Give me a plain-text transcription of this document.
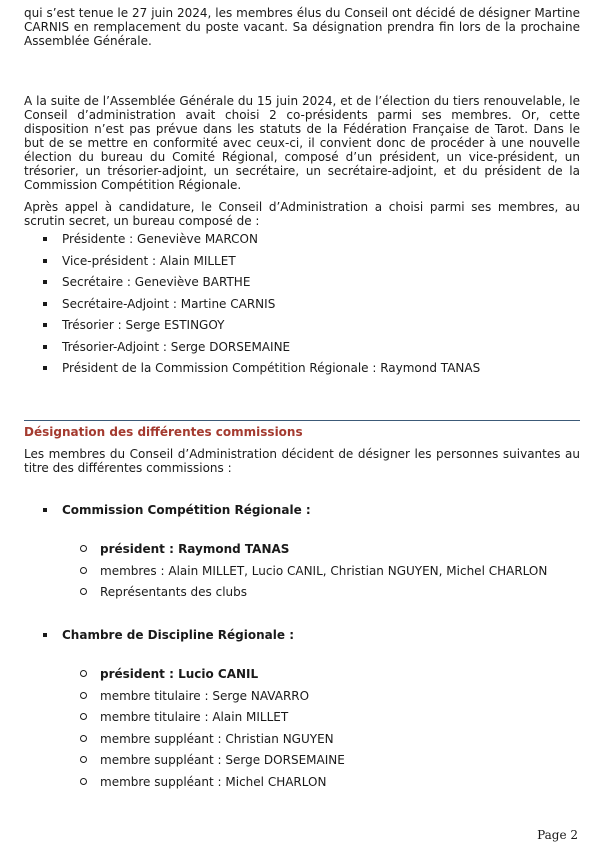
qui s’est tenue le 27 juin 2024, les membres élus du Conseil ont décidé de désigner Martine CARNIS en remplacement du poste vacant. Sa désignation prendra fin lors de la prochaine Assemblée Générale.

A la suite de l’Assemblée Générale du 15 juin 2024, et de l’élection du tiers renouvelable, le Conseil d’administration avait choisi 2 co-présidents parmi ses membres. Or, cette disposition n’est pas prévue dans les statuts de la Fédération Française de Tarot. Dans le but de se mettre en conformité avec ceux-ci, il convient donc de procéder à une nouvelle élection du bureau du Comité Régional, composé d’un président, un vice-président, un trésorier, un trésorier-adjoint, un secrétaire, un secrétaire-adjoint, et du président de la Commission Compétition Régionale.

Après appel à candidature, le Conseil d’Administration a choisi parmi ses membres, au scrutin secret, un bureau composé de :

Présidente : Geneviève MARCON
Vice-président : Alain MILLET
Secrétaire : Geneviève BARTHE
Secrétaire-Adjoint : Martine CARNIS
Trésorier : Serge ESTINGOY
Trésorier-Adjoint : Serge DORSEMAINE
Président de la Commission Compétition Régionale : Raymond TANAS
Désignation des différentes commissions

Les membres du Conseil d’Administration décident de désigner les personnes suivantes au titre des différentes commissions :

Commission Compétition Régionale :
président : Raymond TANAS
membres : Alain MILLET, Lucio CANIL, Christian NGUYEN, Michel CHARLON
Représentants des clubs
Chambre de Discipline Régionale :
président : Lucio CANIL
membre titulaire : Serge NAVARRO
membre titulaire : Alain MILLET
membre suppléant : Christian NGUYEN
membre suppléant : Serge DORSEMAINE
membre suppléant : Michel CHARLON
Page 2
